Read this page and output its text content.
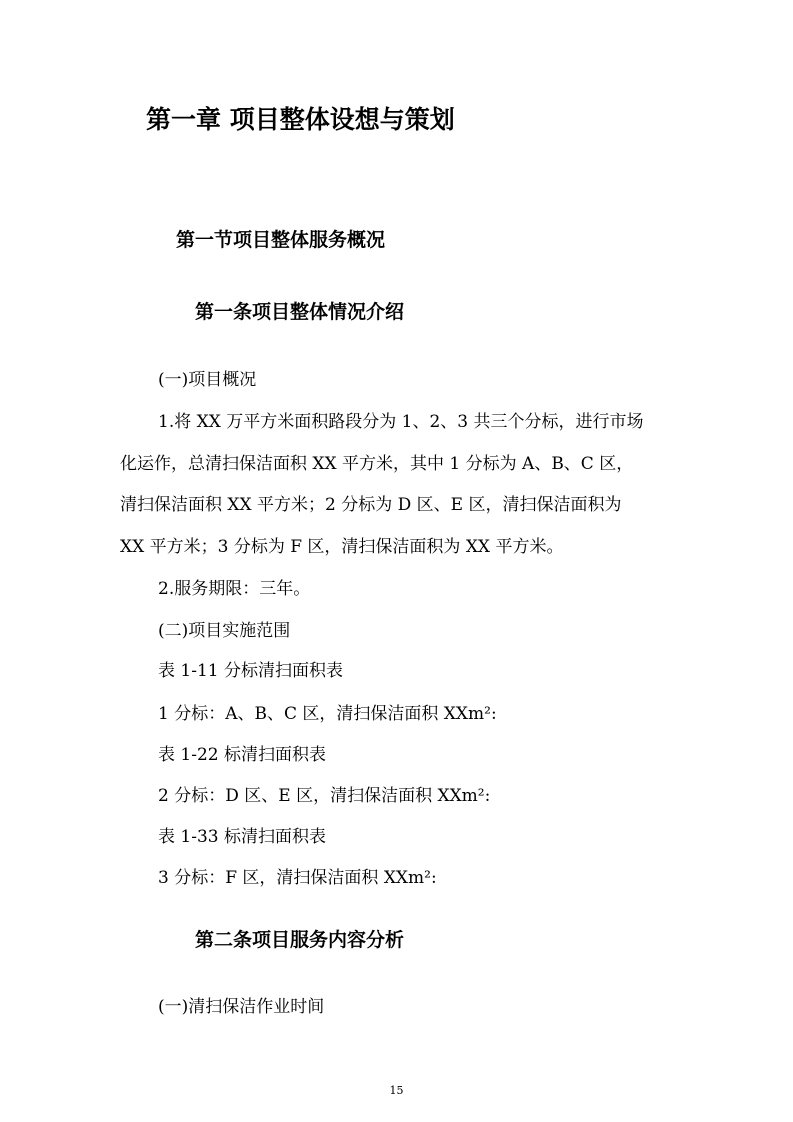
第一章 项目整体设想与策划
第一节项目整体服务概况
第一条项目整体情况介绍
(一)项目概况
1.将 XX 万平方米面积路段分为 1、2、3 共三个分标，进行市场
化运作，总清扫保洁面积 XX 平方米，其中 1 分标为 A、B、C 区，
清扫保洁面积 XX 平方米；2 分标为 D 区、E 区，清扫保洁面积为
XX 平方米；3 分标为 F 区，清扫保洁面积为 XX 平方米。
2.服务期限：三年。
(二)项目实施范围
表 1-11 分标清扫面积表
1 分标：A、B、C 区，清扫保洁面积 XXm²:
表 1-22 标清扫面积表
2 分标：D 区、E 区，清扫保洁面积 XXm²:
表 1-33 标清扫面积表
3 分标：F 区，清扫保洁面积 XXm²:
第二条项目服务内容分析
(一)清扫保洁作业时间
15
